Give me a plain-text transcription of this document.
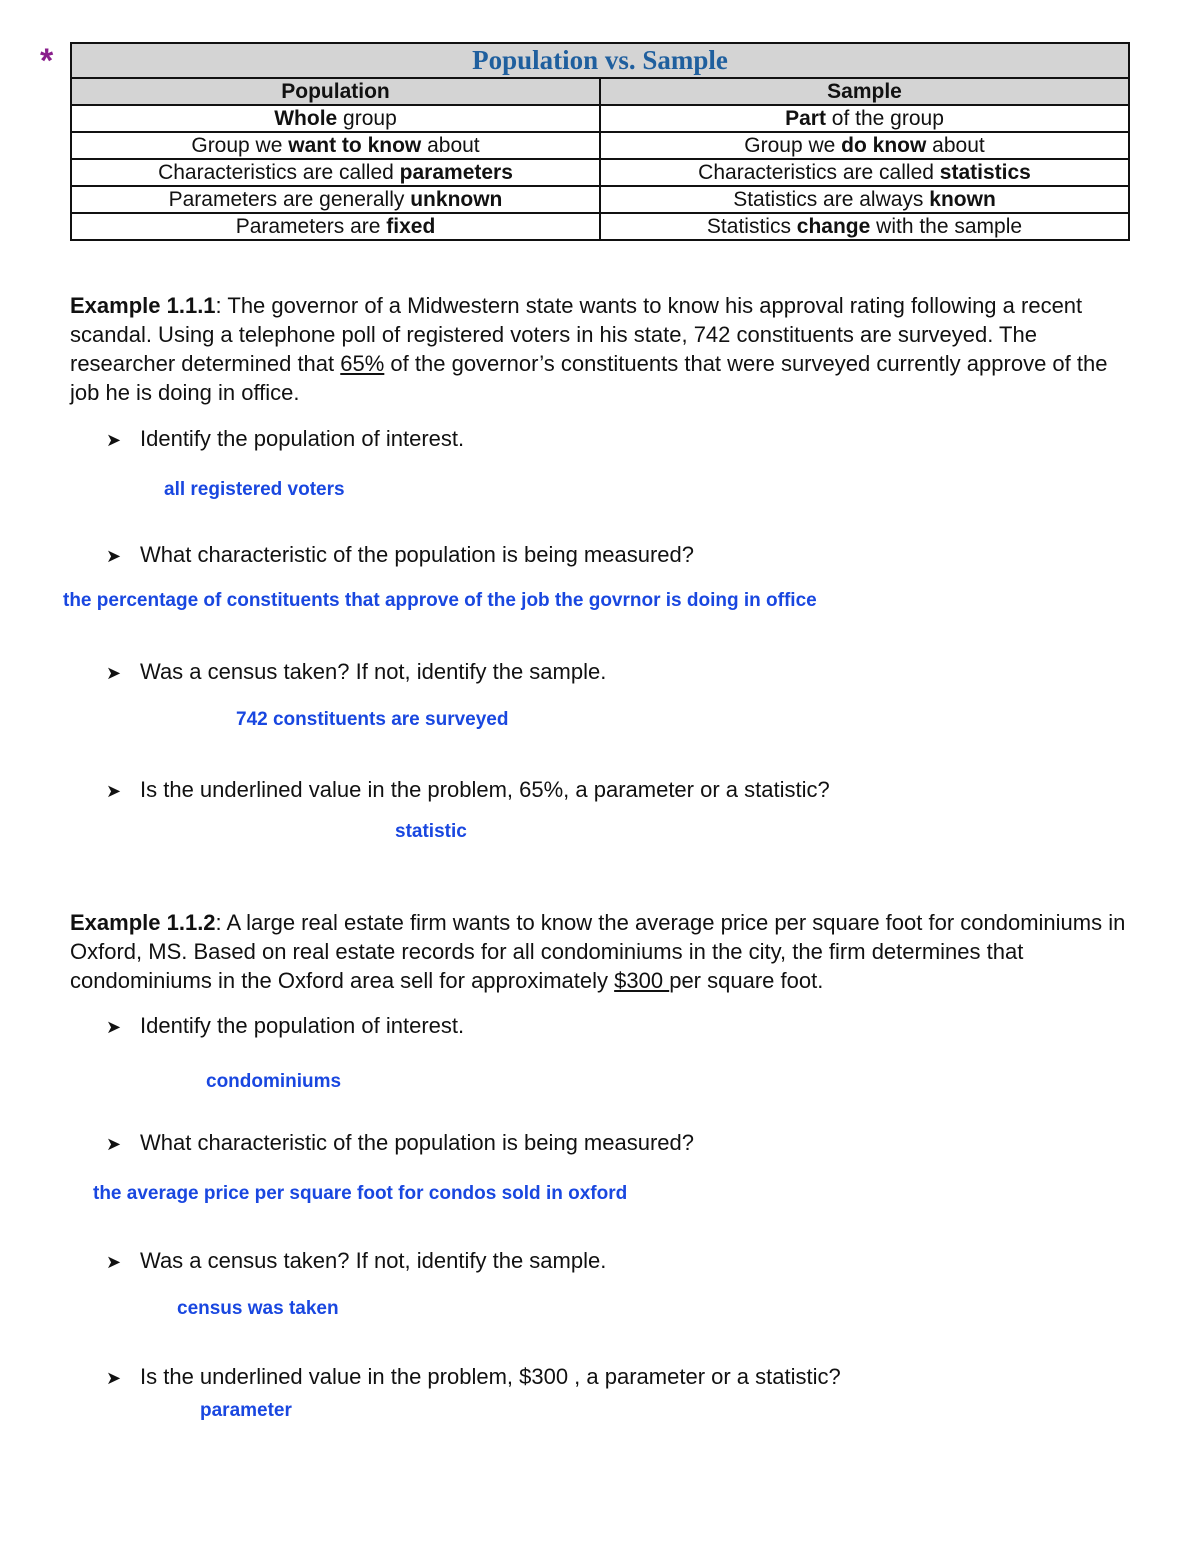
*	Population vs. Sample	
Population	Sample
Whole group	Part of the group
Group we want to know about	Group we do know about
Characteristics are called parameters	Characteristics are called statistics
Parameters are generally unknown	Statistics are always known
Parameters are fixed	Statistics change with the sample
Example 1.1.1: The governor of a Midwestern state wants to know his approval rating following a recent scandal. Using a telephone poll of registered voters in his state, 742 constituents are surveyed. The researcher determined that 65% of the governor’s constituents that were surveyed currently approve of the job he is doing in office.
➤ Identify the population of interest.
all registered voters
➤ What characteristic of the population is being measured?
the percentage of constituents that approve of the job the govrnor is doing in office
➤ Was a census taken? If not, identify the sample.
742 constituents are surveyed
➤ Is the underlined value in the problem, 65%, a parameter or a statistic?
statistic
Example 1.1.2: A large real estate firm wants to know the average price per square foot for condominiums in Oxford, MS. Based on real estate records for all condominiums in the city, the firm determines that condominiums in the Oxford area sell for approximately $300 per square foot.
➤ Identify the population of interest.
condominiums
➤ What characteristic of the population is being measured?
the average price per square foot for condos sold in oxford
➤ Was a census taken? If not, identify the sample.
census was taken
➤ Is the underlined value in the problem, $300 , a parameter or a statistic?
parameter
